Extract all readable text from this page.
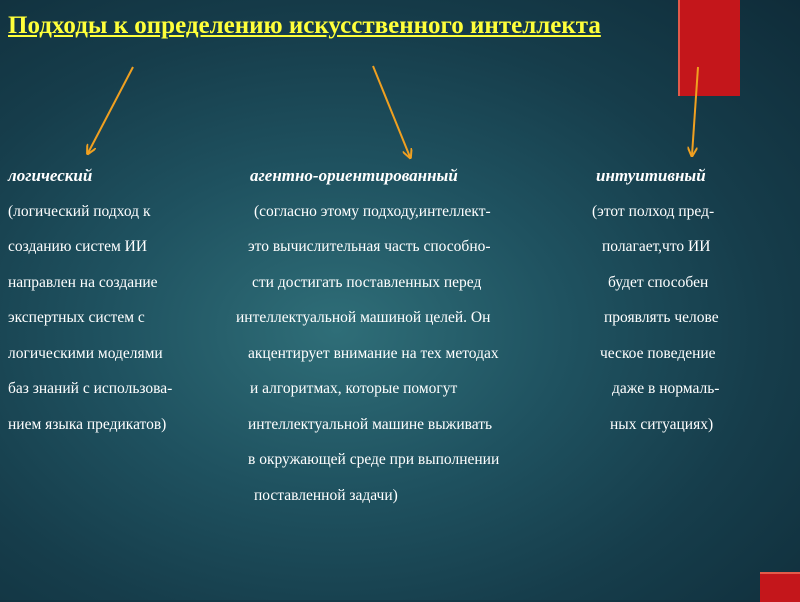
Подходы к определению искусственного интеллекта
логический
(логический подход к
созданию систем ИИ
направлен на создание
экспертных систем с
логическими моделями
баз знаний с использова-
нием языка предикатов)
агентно-ориентированный
(согласно этому подходу,интеллект-
это вычислительная часть способно-
сти достигать поставленных перед
интеллектуальной машиной целей. Он
акцентирует внимание на тех методах
и алгоритмах, которые помогут
интеллектуальной машине выживать
в окружающей среде при выполнении
поставленной задачи)
интуитивный
(этот полход пред-
полагает,что ИИ
будет способен
проявлять челове
ческое поведение
даже в нормаль-
ных ситуациях)
